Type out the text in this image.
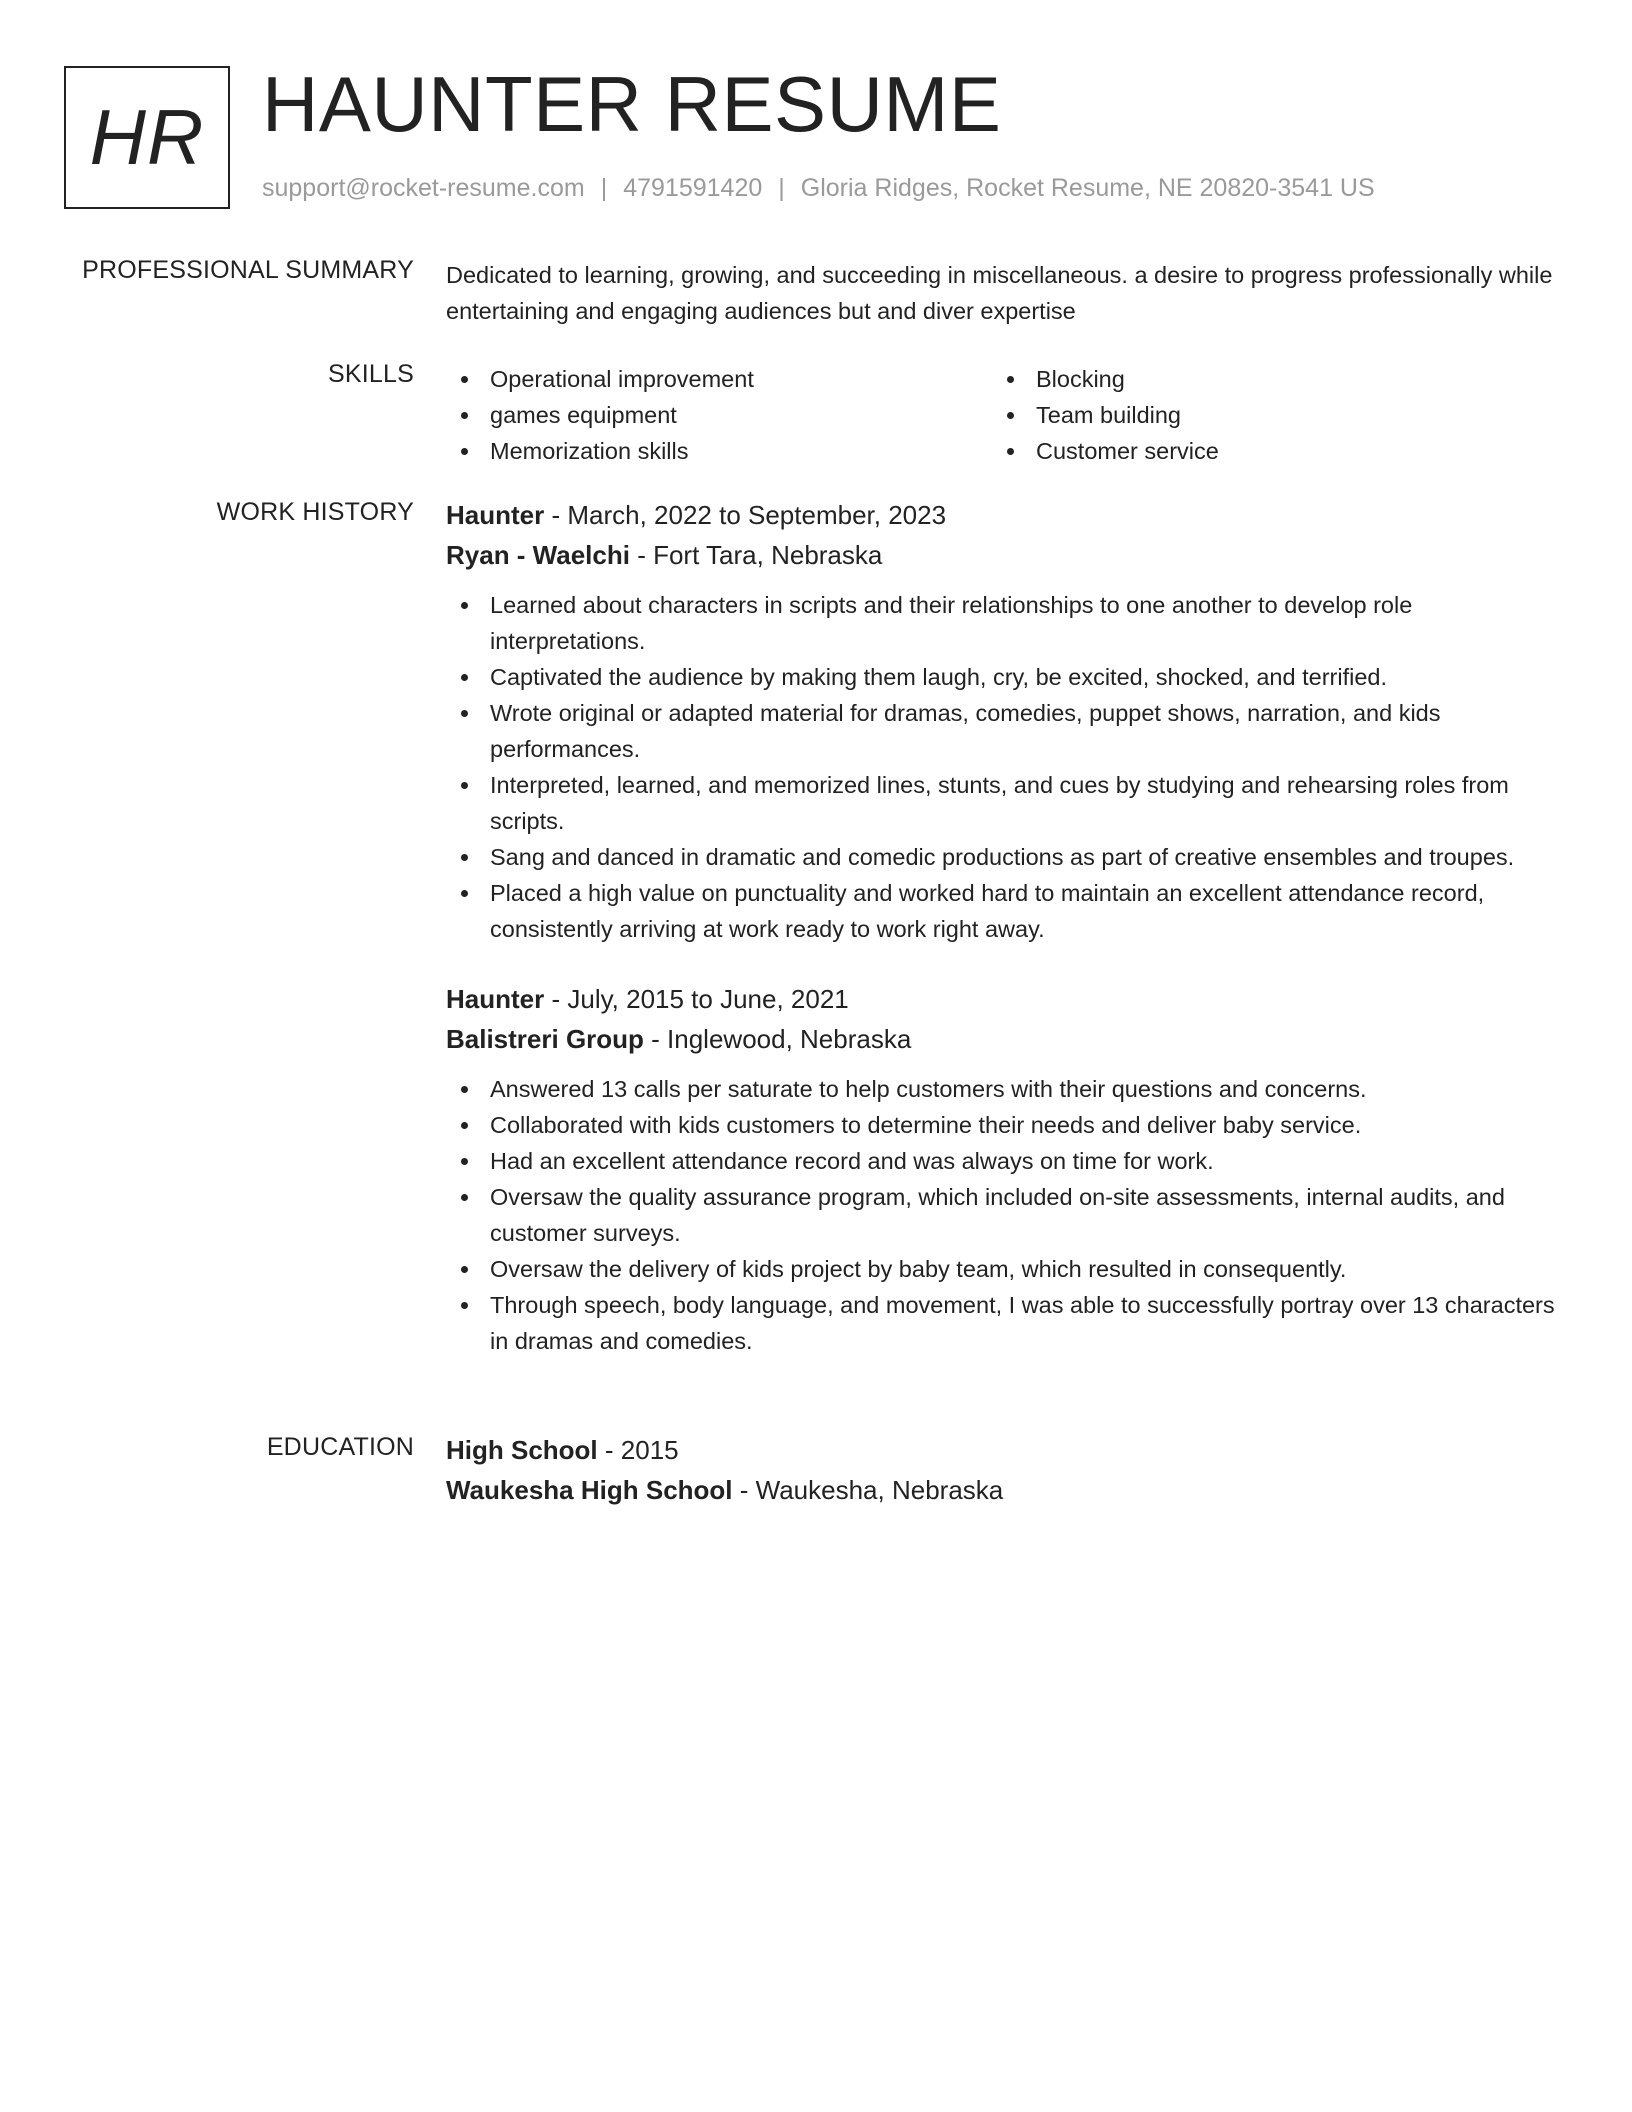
HR HAUNTER RESUME
support@rocket-resume.com | 4791591420 | Gloria Ridges, Rocket Resume, NE 20820-3541 US
PROFESSIONAL SUMMARY Dedicated to learning, growing, and succeeding in miscellaneous. a desire to progress professionally while entertaining and engaging audiences but and diver expertise
SKILLS	Operational improvement
games equipment
Memorization skills
Blocking
Team building
Customer service
WORK HISTORY Haunter - March, 2022 to September, 2023
Ryan - Waelchi - Fort Tara, Nebraska
Learned about characters in scripts and their relationships to one another to develop role interpretations.
Captivated the audience by making them laugh, cry, be excited, shocked, and terrified.
Wrote original or adapted material for dramas, comedies, puppet shows, narration, and kids performances.
Interpreted, learned, and memorized lines, stunts, and cues by studying and rehearsing roles from scripts.
Sang and danced in dramatic and comedic productions as part of creative ensembles and troupes.
Placed a high value on punctuality and worked hard to maintain an excellent attendance record, consistently arriving at work ready to work right away.
Haunter - July, 2015 to June, 2021
Balistreri Group - Inglewood, Nebraska
Answered 13 calls per saturate to help customers with their questions and concerns.
Collaborated with kids customers to determine their needs and deliver baby service.
Had an excellent attendance record and was always on time for work.
Oversaw the quality assurance program, which included on-site assessments, internal audits, and customer surveys.
Oversaw the delivery of kids project by baby team, which resulted in consequently.
Through speech, body language, and movement, I was able to successfully portray over 13 characters in dramas and comedies.
EDUCATION High School - 2015
Waukesha High School - Waukesha, Nebraska
